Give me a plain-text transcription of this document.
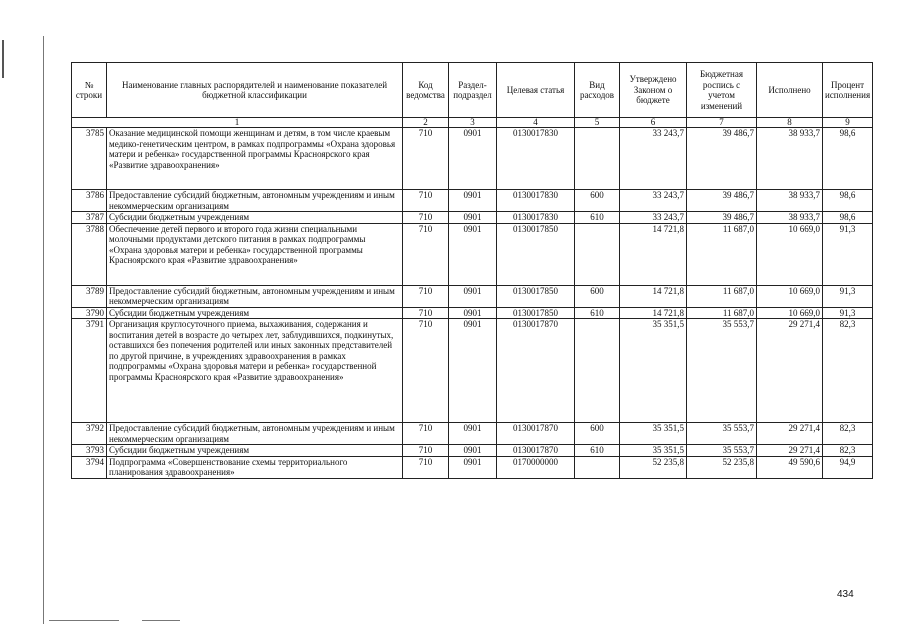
№ строки	Наименование главных распорядителей и наименование показателей бюджетной классификации	Код ведомства	Раздел-подраздел	Целевая статья	Вид расходов	Утверждено Законом о бюджете	Бюджетная роспись с учетом изменений	Исполнено	Процент исполнения
1		2	3	4	5	6	7	8	9
3785	Оказание медицинской помощи женщинам и детям, в том числе краевым медико-генетическим центром, в рамках подпрограммы «Охрана здоровья матери и ребенка» государственной программы Красноярского края «Развитие здравоохранения»	710	0901	0130017830		33 243,7	39 486,7	38 933,7	98,6
3786	Предоставление субсидий бюджетным, автономным учреждениям и иным некоммерческим организациям	710	0901	0130017830	600	33 243,7	39 486,7	38 933,7	98,6
3787	Субсидии бюджетным учреждениям	710	0901	0130017830	610	33 243,7	39 486,7	38 933,7	98,6
3788	Обеспечение детей первого и второго года жизни специальными молочными продуктами детского питания в рамках подпрограммы «Охрана здоровья матери и ребенка» государственной программы Красноярского края «Развитие здравоохранения»	710	0901	0130017850		14 721,8	11 687,0	10 669,0	91,3
3789	Предоставление субсидий бюджетным, автономным учреждениям и иным некоммерческим организациям	710	0901	0130017850	600	14 721,8	11 687,0	10 669,0	91,3
3790	Субсидии бюджетным учреждениям	710	0901	0130017850	610	14 721,8	11 687,0	10 669,0	91,3
3791	Организация круглосуточного приема, выхаживания, содержания и воспитания детей в возрасте до четырех лет, заблудившихся, подкинутых, оставшихся без попечения родителей или иных законных представителей по другой причине, в учреждениях здравоохранения в рамках подпрограммы «Охрана здоровья матери и ребенка» государственной программы Красноярского края «Развитие здравоохранения»	710	0901	0130017870		35 351,5	35 553,7	29 271,4	82,3
3792	Предоставление субсидий бюджетным, автономным учреждениям и иным некоммерческим организациям	710	0901	0130017870	600	35 351,5	35 553,7	29 271,4	82,3
3793	Субсидии бюджетным учреждениям	710	0901	0130017870	610	35 351,5	35 553,7	29 271,4	82,3
3794	Подпрограмма «Совершенствование схемы территориального планирования здравоохранения»	710	0901	0170000000		52 235,8	52 235,8	49 590,6	94,9
434
